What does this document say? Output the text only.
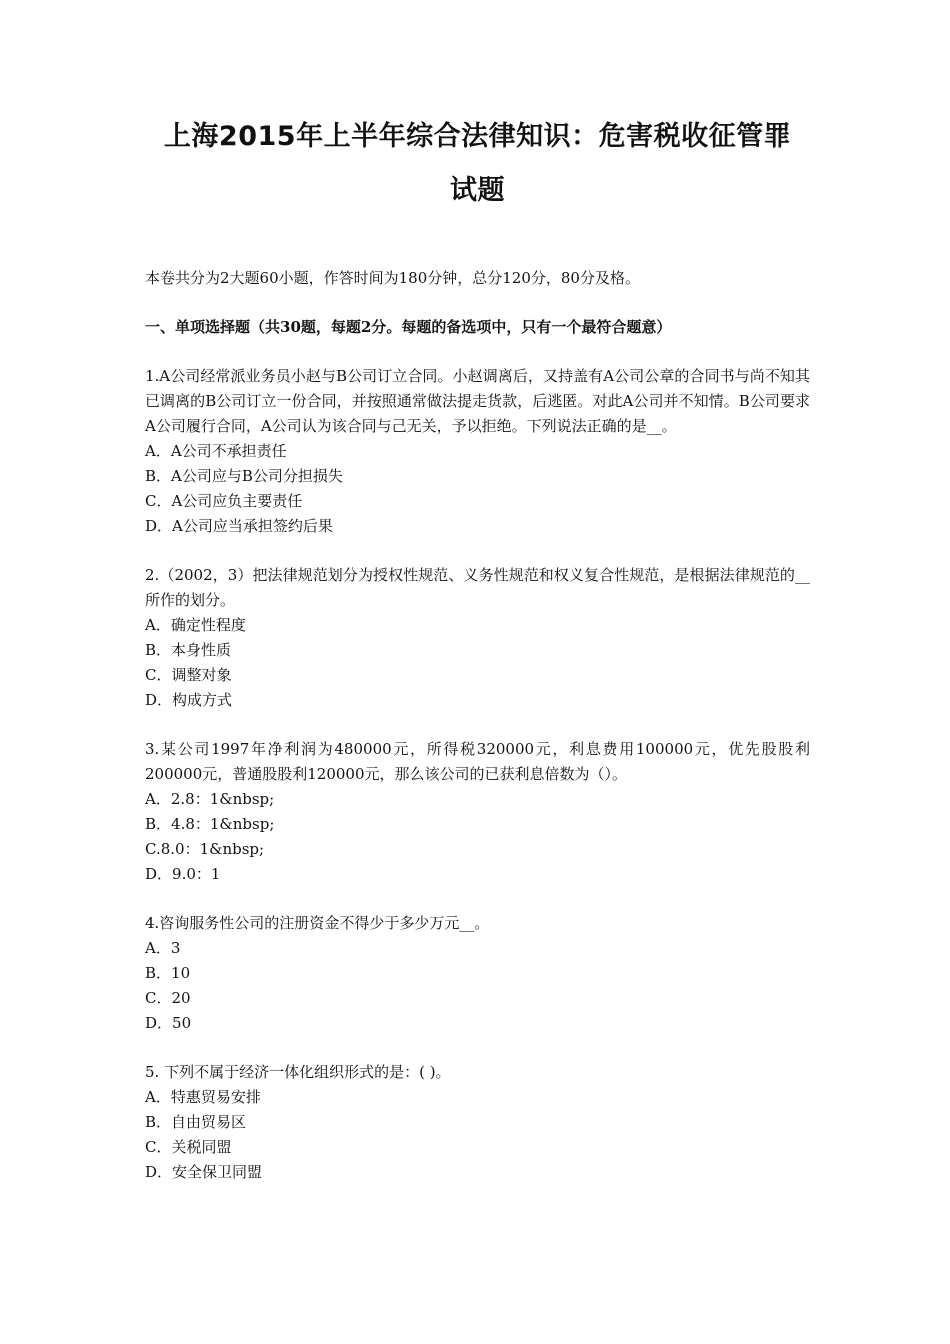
上海2015年上半年综合法律知识：危害税收征管罪
试题
本卷共分为2大题60小题，作答时间为180分钟，总分120分，80分及格。
一、单项选择题（共30题，每题2分。每题的备选项中，只有一个最符合题意）
1.A公司经常派业务员小赵与B公司订立合同。小赵调离后，又持盖有A公司公章的合同书与尚不知其已调离的B公司订立一份合同，并按照通常做法提走货款，后逃匿。对此A公司并不知情。B公司要求A公司履行合同，A公司认为该合同与己无关，予以拒绝。下列说法正确的是__。
A．A公司不承担责任
B．A公司应与B公司分担损失
C．A公司应负主要责任
D．A公司应当承担签约后果
2.（2002，3）把法律规范划分为授权性规范、义务性规范和权义复合性规范，是根据法律规范的__所作的划分。
A．确定性程度
B．本身性质
C．调整对象
D．构成方式
3.某公司1997年净利润为480000元，所得税320000元，利息费用100000元，优先股股利200000元，普通股股利120000元，那么该公司的已获利息倍数为（）。
A．2.8：1&nbsp;
B．4.8：1&nbsp;
C.8.0：1&nbsp;
D．9.0：1
4.咨询服务性公司的注册资金不得少于多少万元__。
A．3
B．10
C．20
D．50
5. 下列不属于经济一体化组织形式的是：( )。
A．特惠贸易安排
B．自由贸易区
C．关税同盟
D．安全保卫同盟
